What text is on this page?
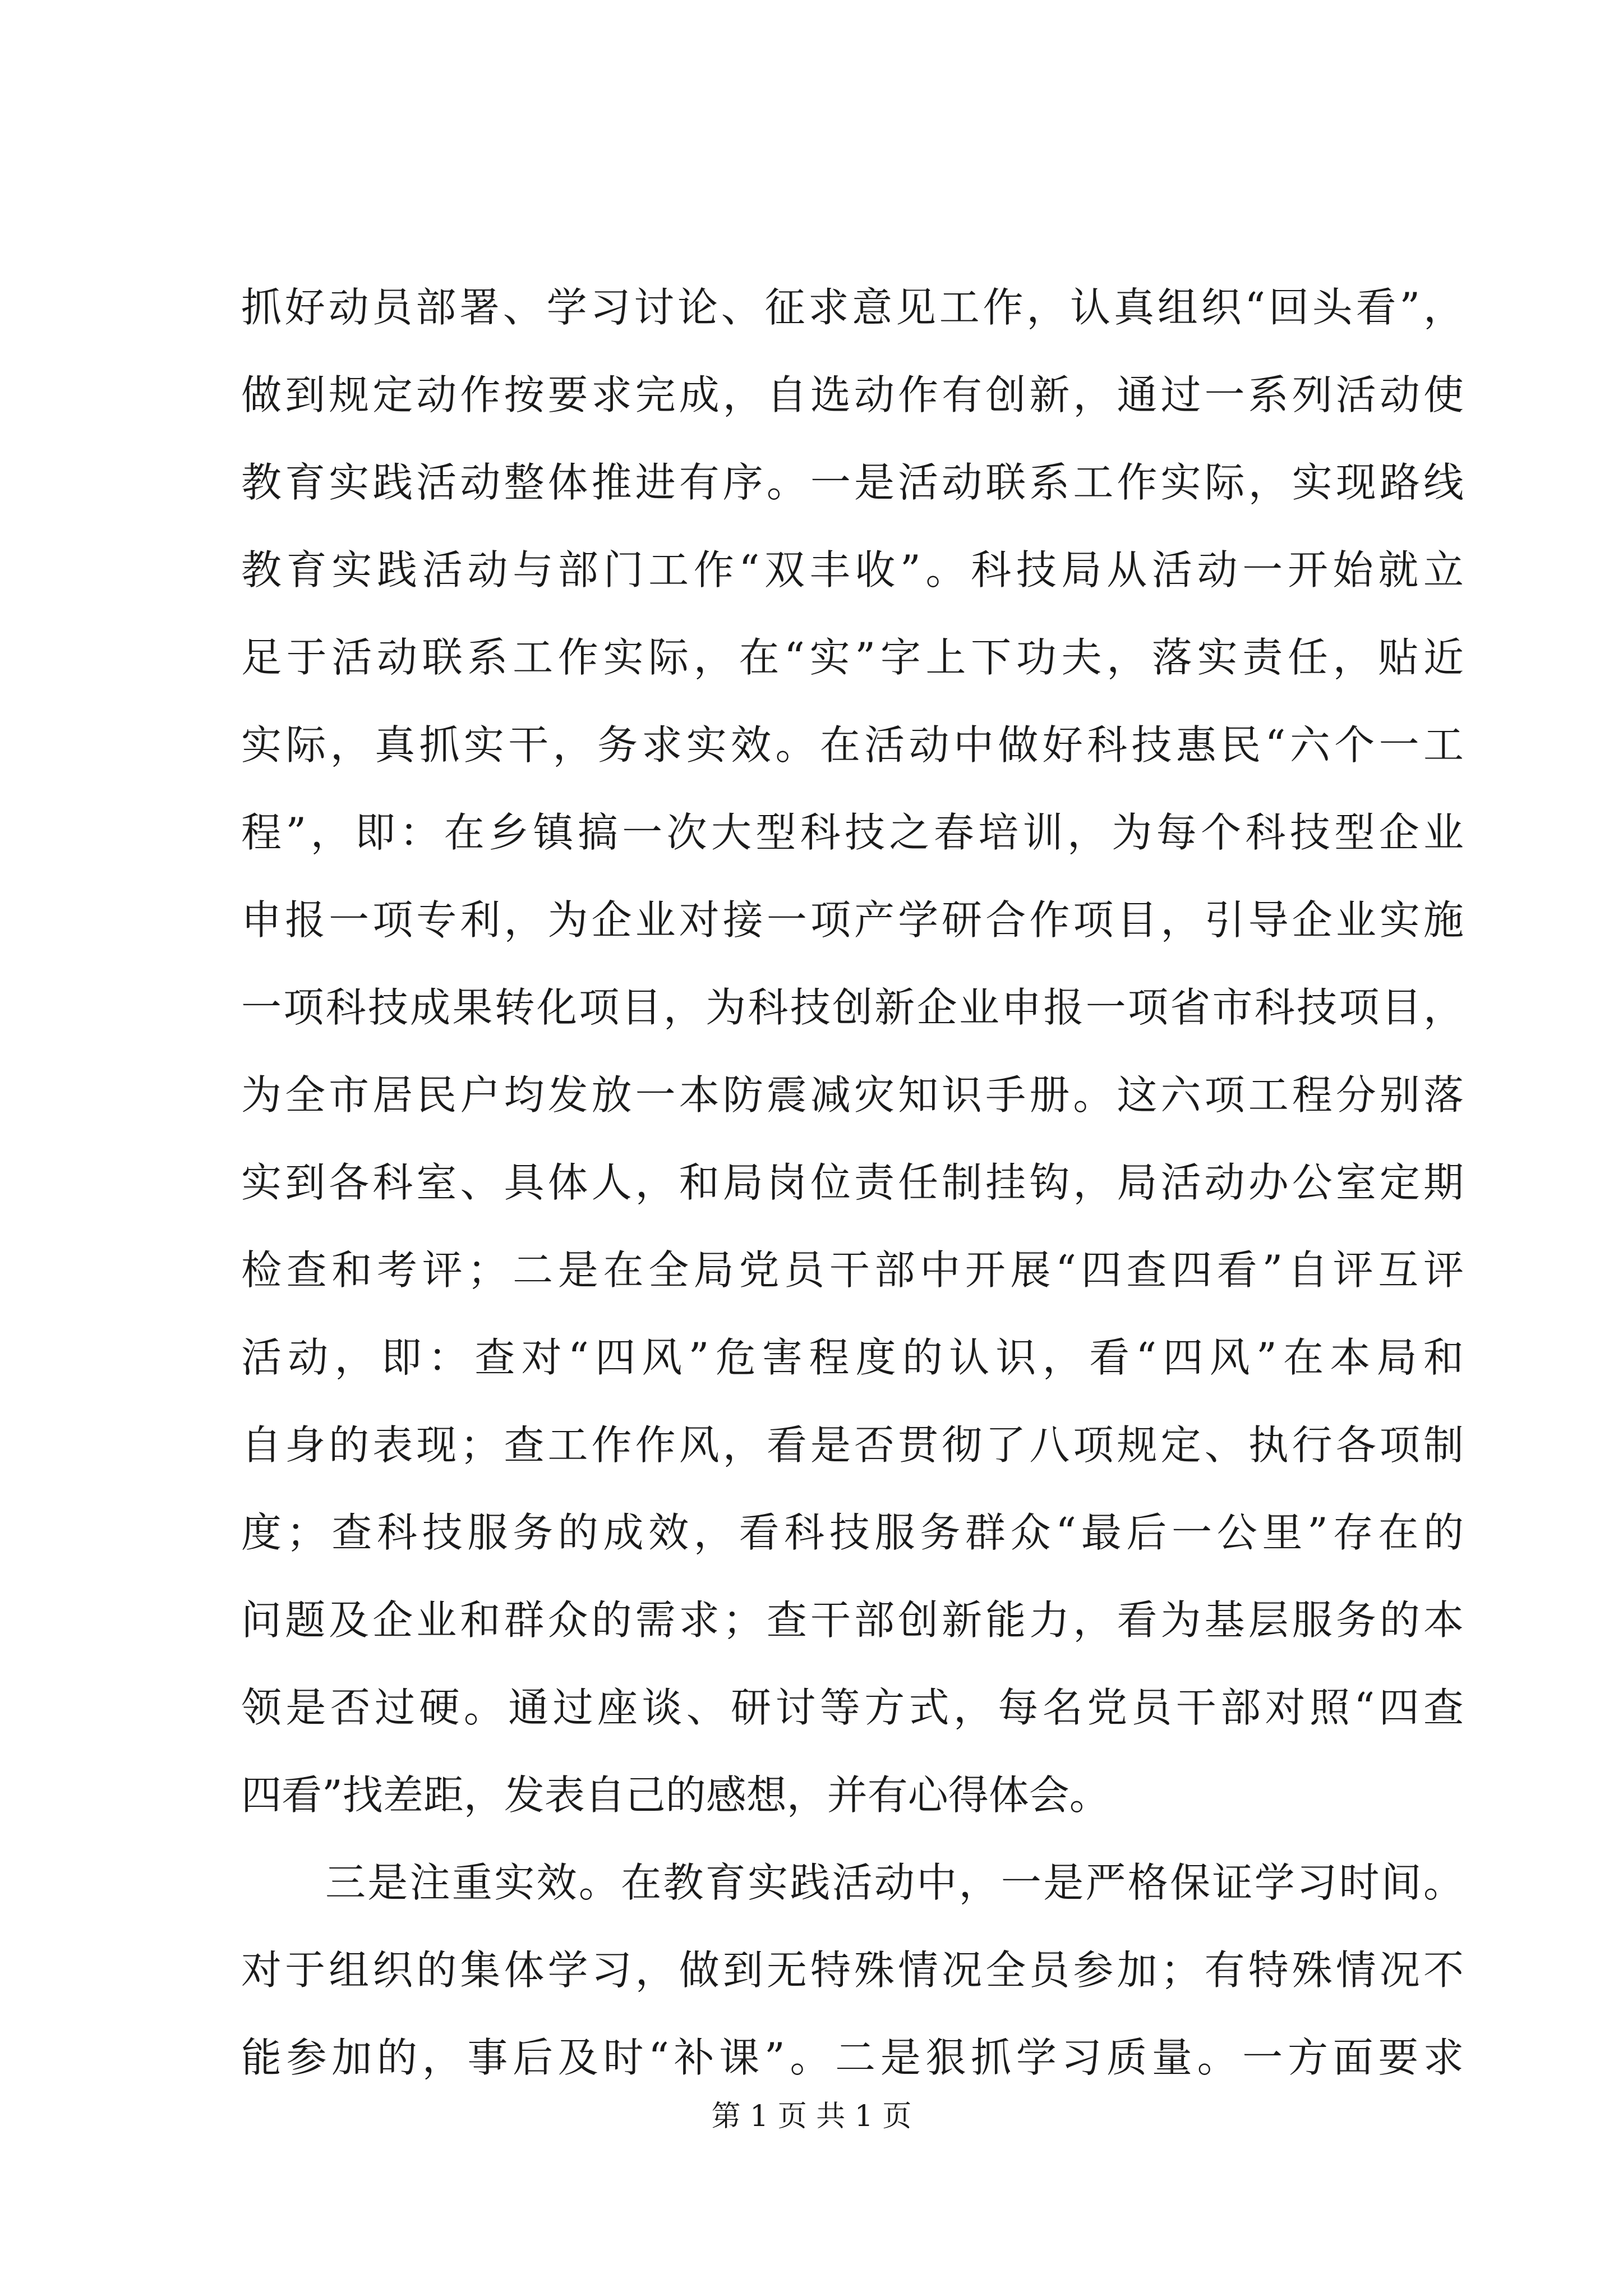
抓好动员部署、学习讨论、征求意见工作，认真组织“回头看”，
做到规定动作按要求完成，自选动作有创新，通过一系列活动使
教育实践活动整体推进有序。一是活动联系工作实际，实现路线
教育实践活动与部门工作“双丰收”。科技局从活动一开始就立
足于活动联系工作实际，在“实”字上下功夫，落实责任，贴近
实际，真抓实干，务求实效。在活动中做好科技惠民“六个一工
程”，即：在乡镇搞一次大型科技之春培训，为每个科技型企业
申报一项专利，为企业对接一项产学研合作项目，引导企业实施
一项科技成果转化项目，为科技创新企业申报一项省市科技项目，
为全市居民户均发放一本防震减灾知识手册。这六项工程分别落
实到各科室、具体人，和局岗位责任制挂钩，局活动办公室定期
检查和考评；二是在全局党员干部中开展“四查四看”自评互评
活动，即：查对“四风”危害程度的认识，看“四风”在本局和
自身的表现；查工作作风，看是否贯彻了八项规定、执行各项制
度；查科技服务的成效，看科技服务群众“最后一公里”存在的
问题及企业和群众的需求；查干部创新能力，看为基层服务的本
领是否过硬。通过座谈、研讨等方式，每名党员干部对照“四查
四看”找差距，发表自己的感想，并有心得体会。
三是注重实效。在教育实践活动中，一是严格保证学习时间。
对于组织的集体学习，做到无特殊情况全员参加；有特殊情况不
能参加的，事后及时“补课”。二是狠抓学习质量。一方面要求
第 1 页 共 1 页
